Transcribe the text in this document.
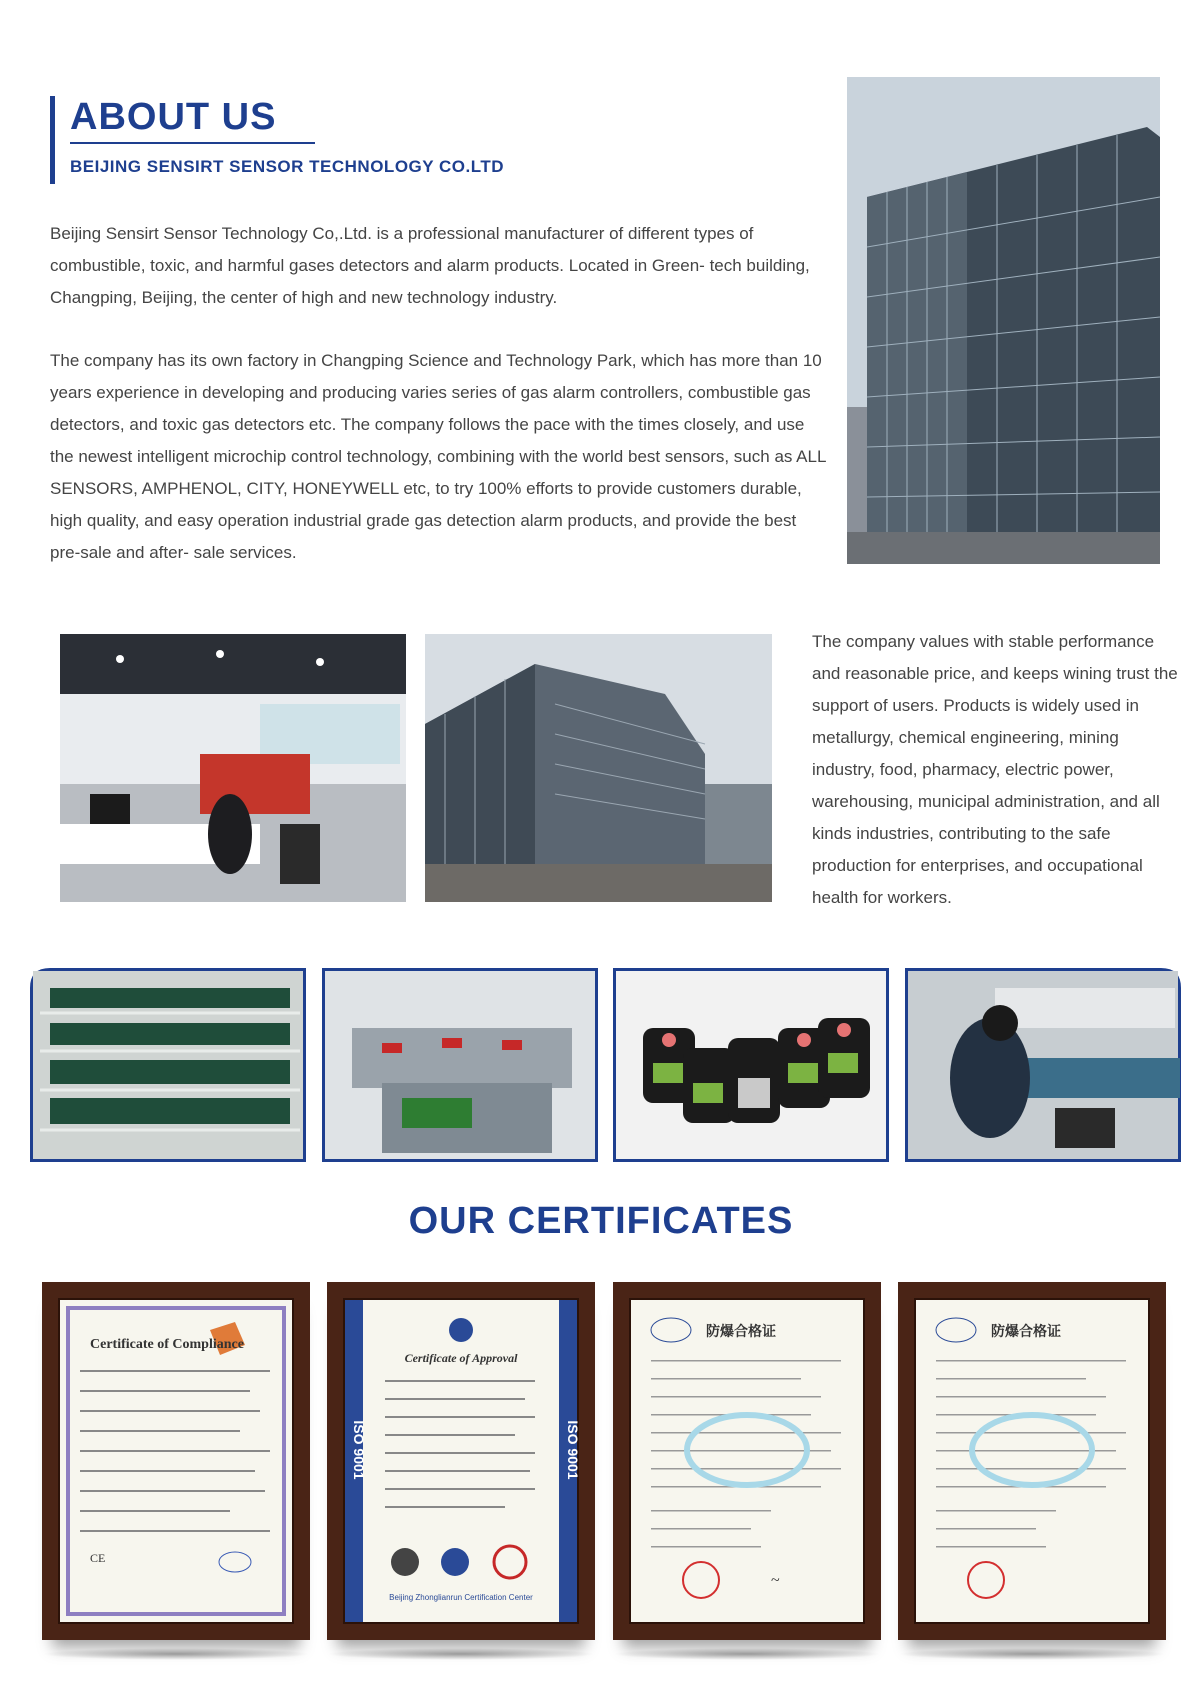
ABOUT US
BEIJING SENSIRT SENSOR TECHNOLOGY CO.LTD
Beijing Sensirt Sensor Technology Co,.Ltd. is a professional manufacturer of different types of combustible, toxic, and harmful gases detectors and alarm products. Located in Green- tech building, Changping, Beijing, the center of high and new technology industry.
The company has its own factory in Changping Science and Technology Park, which has more than 10 years experience in developing and producing varies series of gas alarm controllers, combustible gas detectors, and toxic gas detectors etc. The company follows the pace with the times closely, and use the newest intelligent microchip control technology, combining with the world best sensors, such as ALL SENSORS, AMPHENOL, CITY, HONEYWELL etc, to try 100% efforts to provide customers durable, high quality, and easy operation industrial grade gas detection alarm products, and provide the best pre-sale and after- sale services.
The company values with stable performance and reasonable price, and keeps wining trust the support of users. Products is widely used in metallurgy, chemical engineering, mining industry, food, pharmacy, electric power, warehousing, municipal administration, and all kinds industries, contributing to the safe production for enterprises, and occupational health for workers.
OUR CERTIFICATES
Certificate of Compliance
CE
ISO 9001	ISO 9001
Certificate of Approval
Beijing Zhonglianrun Certification Center
防爆合格证
~
防爆合格证
